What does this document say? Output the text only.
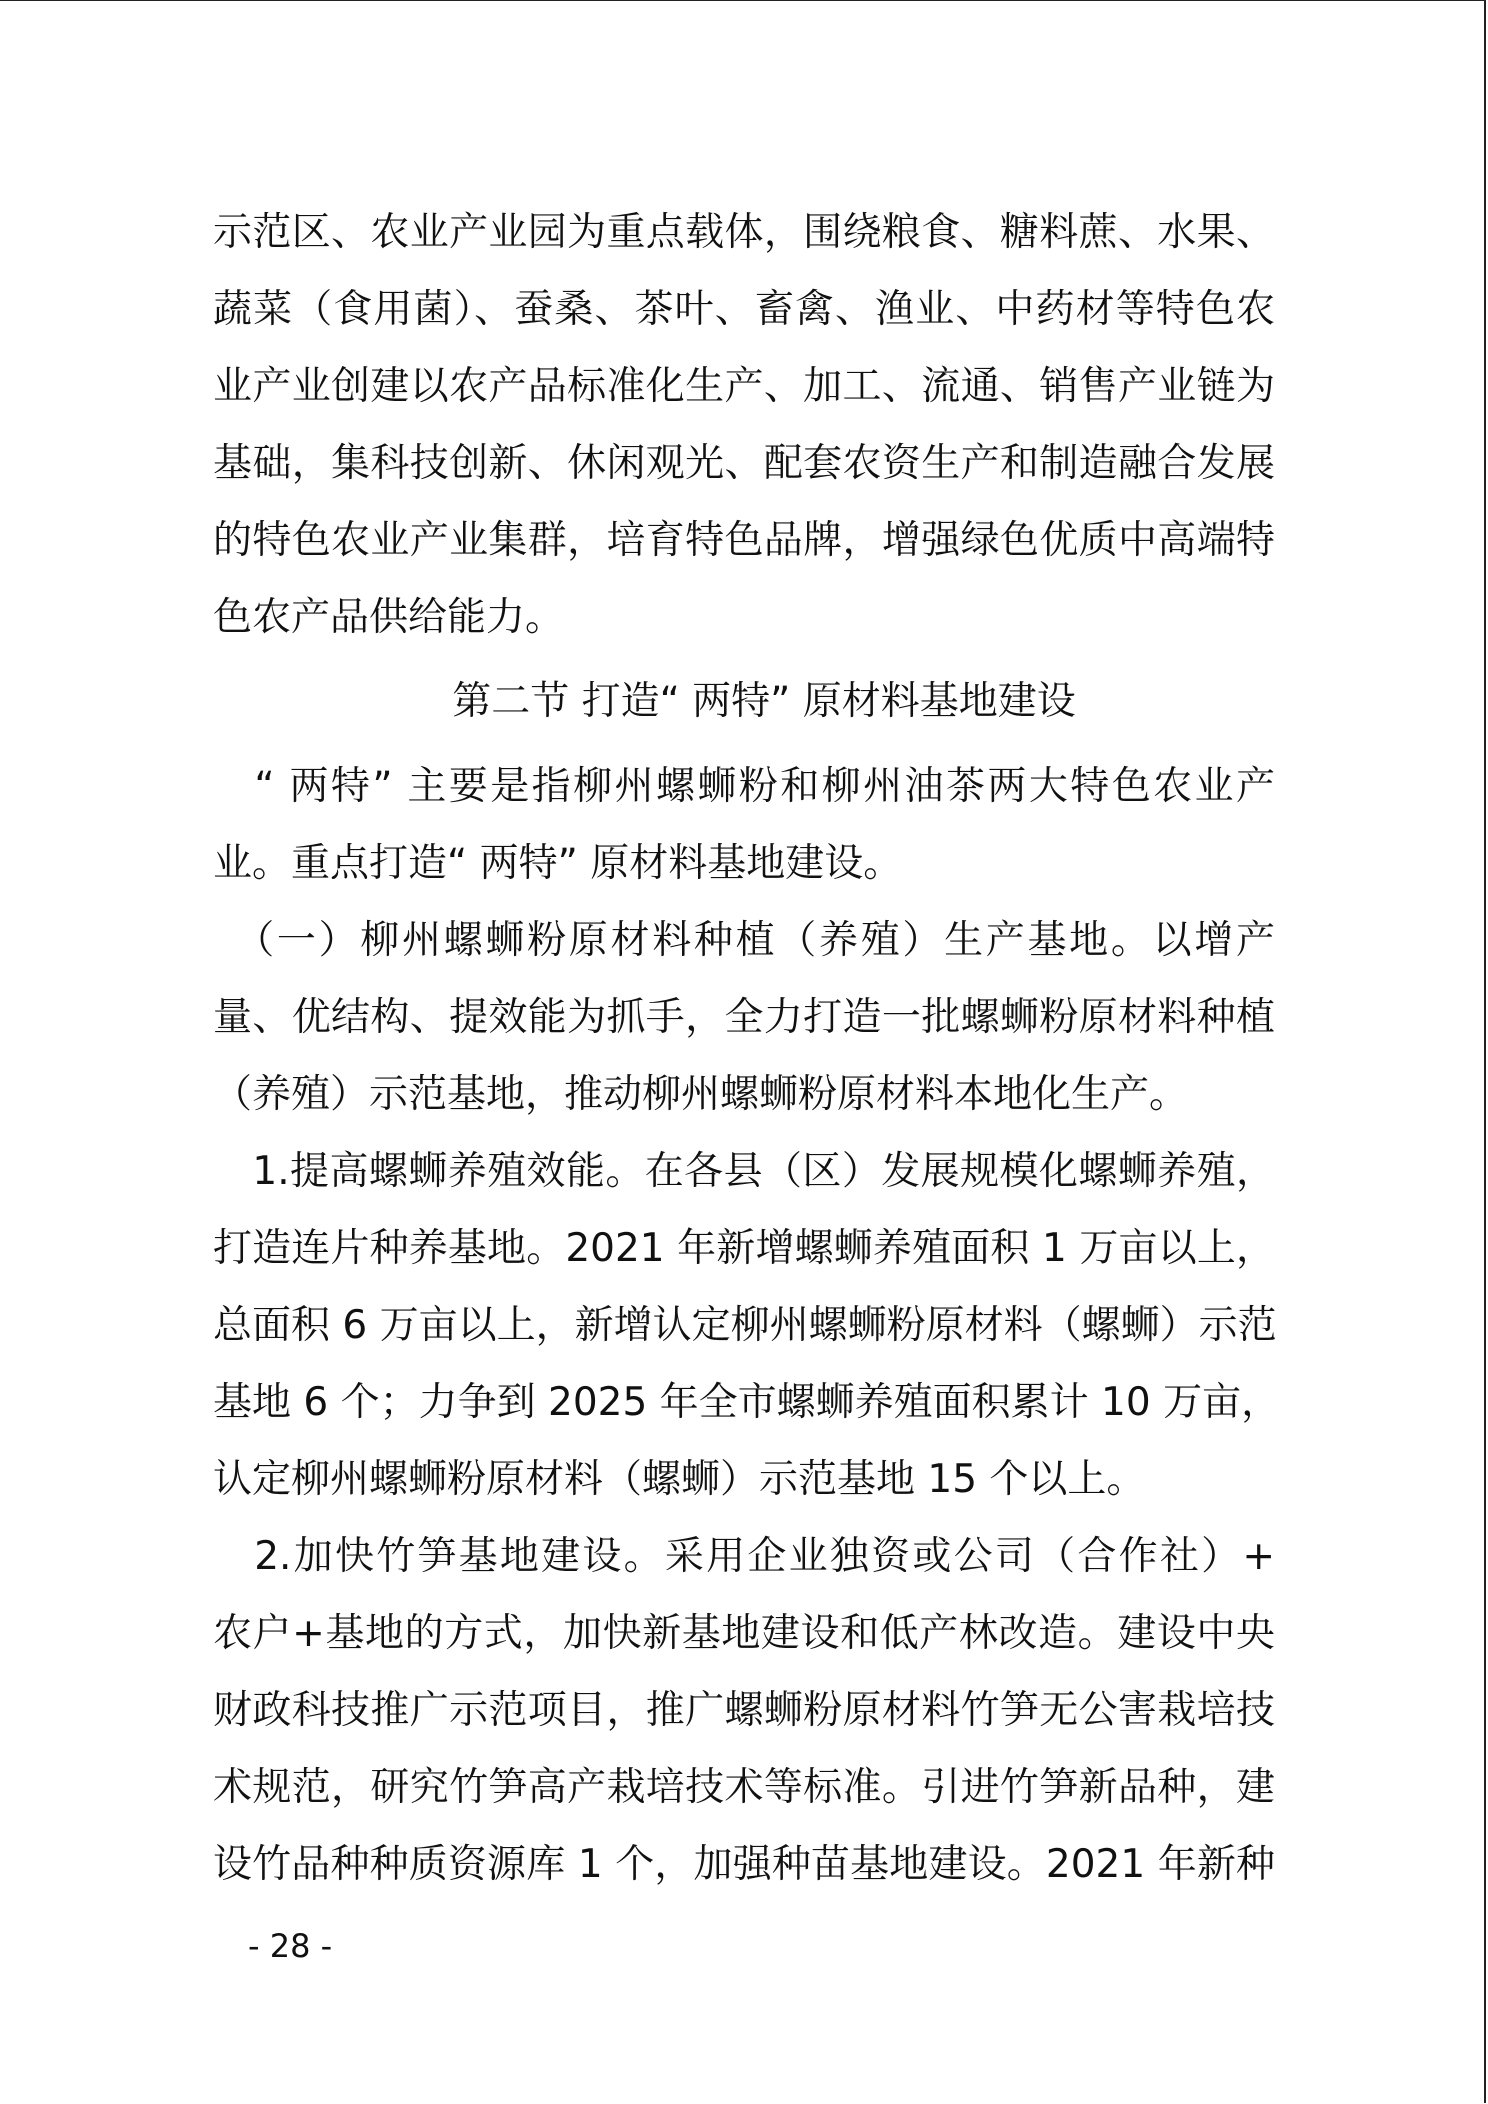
示范区、农业产业园为重点载体，围绕粮食、糖料蔗、水果、
蔬菜（食用菌）、蚕桑、茶叶、畜禽、渔业、中药材等特色农
业产业创建以农产品标准化生产、加工、流通、销售产业链为
基础，集科技创新、休闲观光、配套农资生产和制造融合发展
的特色农业产业集群，培育特色品牌，增强绿色优质中高端特
色农产品供给能力。
第二节 打造“ 两特” 原材料基地建设
　“ 两特” 主要是指柳州螺蛳粉和柳州油茶两大特色农业产
业。重点打造“ 两特” 原材料基地建设。
　（一）柳州螺蛳粉原材料种植（养殖）生产基地。以增产
量、优结构、提效能为抓手，全力打造一批螺蛳粉原材料种植
（养殖）示范基地，推动柳州螺蛳粉原材料本地化生产。
　1.提高螺蛳养殖效能。在各县（区）发展规模化螺蛳养殖，
打造连片种养基地。2021 年新增螺蛳养殖面积 1 万亩以上，
总面积 6 万亩以上，新增认定柳州螺蛳粉原材料（螺蛳）示范
基地 6 个；力争到 2025 年全市螺蛳养殖面积累计 10 万亩，
认定柳州螺蛳粉原材料（螺蛳）示范基地 15 个以上。
　2.加快竹笋基地建设。采用企业独资或公司（合作社）+
农户+基地的方式，加快新基地建设和低产林改造。建设中央
财政科技推广示范项目，推广螺蛳粉原材料竹笋无公害栽培技
术规范，研究竹笋高产栽培技术等标准。引进竹笋新品种，建
设竹品种种质资源库 1 个，加强种苗基地建设。2021 年新种
- 28 -
